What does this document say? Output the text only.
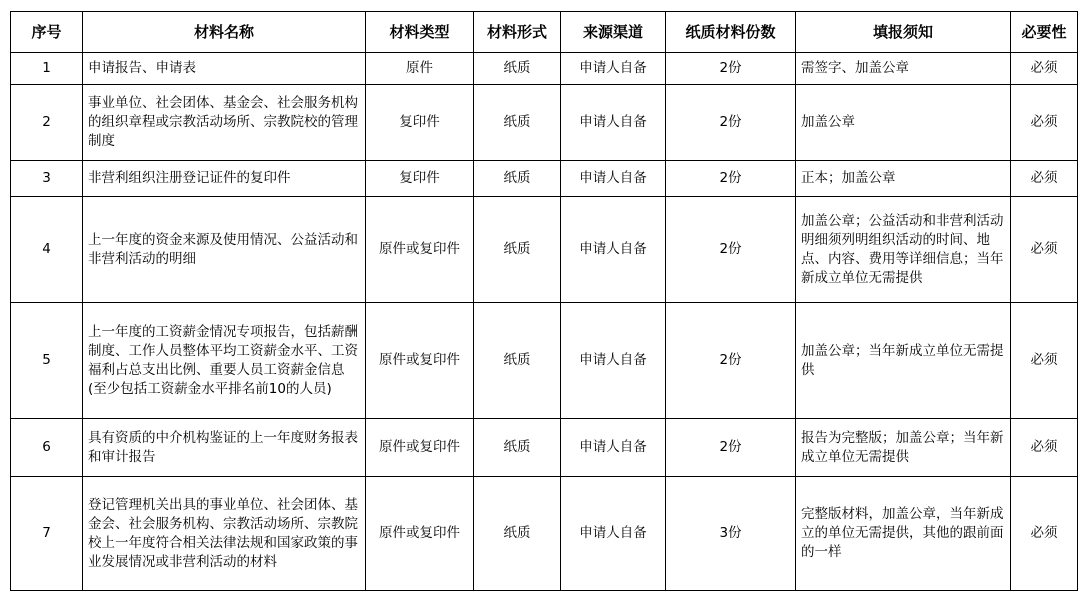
序号	材料名称	材料类型	材料形式	来源渠道	纸质材料份数	填报须知	必要性
1	申请报告、申请表	原件	纸质	申请人自备	2份	需签字、加盖公章	必须
2	事业单位、社会团体、基金会、社会服务机构的组织章程或宗教活动场所、宗教院校的管理制度	复印件	纸质	申请人自备	2份	加盖公章	必须
3	非营利组织注册登记证件的复印件	复印件	纸质	申请人自备	2份	正本；加盖公章	必须
4	上一年度的资金来源及使用情况、公益活动和非营利活动的明细	原件或复印件	纸质	申请人自备	2份	加盖公章；公益活动和非营利活动明细须列明组织活动的时间、地点、内容、费用等详细信息；当年新成立单位无需提供	必须
5	上一年度的工资薪金情况专项报告，包括薪酬制度、工作人员整体平均工资薪金水平、工资福利占总支出比例、重要人员工资薪金信息(至少包括工资薪金水平排名前10的人员)	原件或复印件	纸质	申请人自备	2份	加盖公章；当年新成立单位无需提供	必须
6	具有资质的中介机构鉴证的上一年度财务报表和审计报告	原件或复印件	纸质	申请人自备	2份	报告为完整版；加盖公章；当年新成立单位无需提供	必须
7	登记管理机关出具的事业单位、社会团体、基金会、社会服务机构、宗教活动场所、宗教院校上一年度符合相关法律法规和国家政策的事业发展情况或非营利活动的材料	原件或复印件	纸质	申请人自备	3份	完整版材料，加盖公章，当年新成立的单位无需提供，其他的跟前面的一样	必须
